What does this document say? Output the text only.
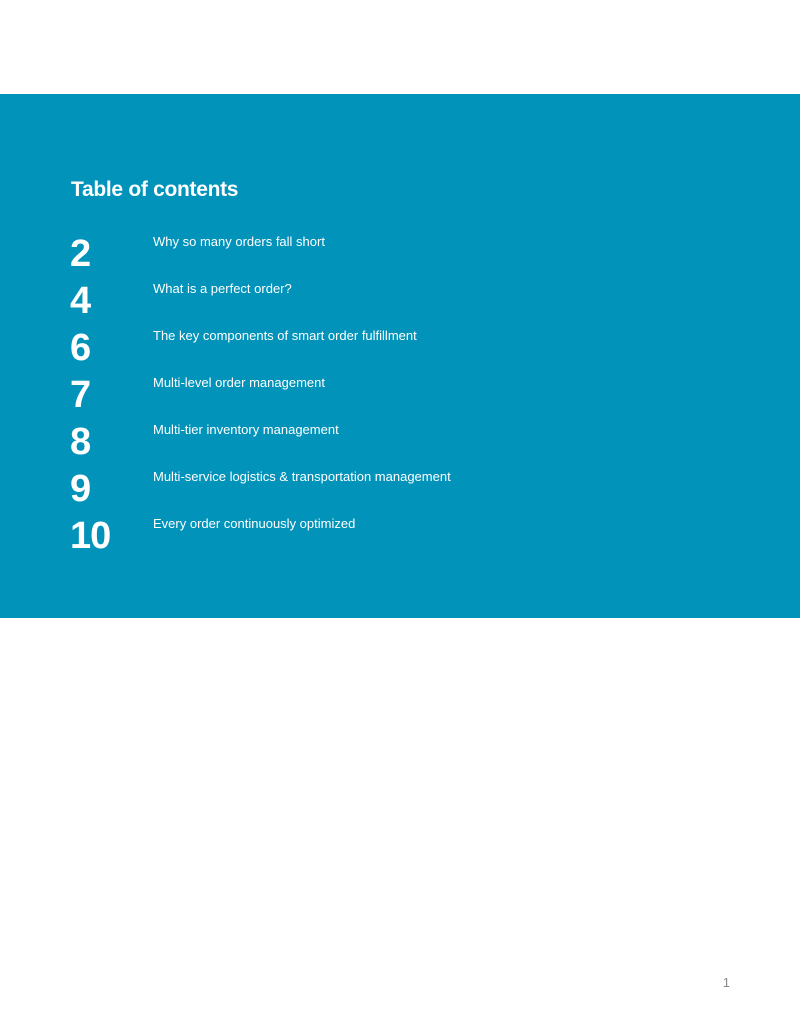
Table of contents
2	Why so many orders fall short
4	What is a perfect order?
6	The key components of smart order fulfillment
7	Multi-level order management
8	Multi-tier inventory management
9	Multi-service logistics & transportation management
10	Every order continuously optimized
1
